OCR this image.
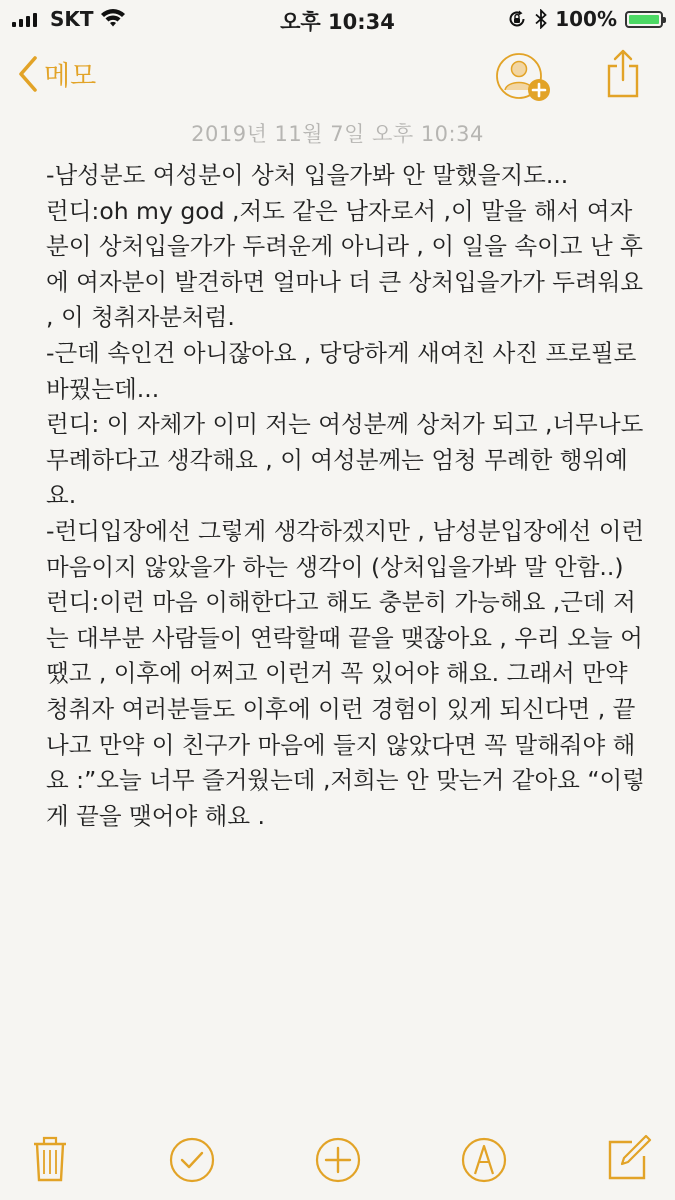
SKT	오후 10:34	100%
메모
2019년 11월 7일 오후 10:34

-남성분도 여성분이 상처 입을가봐 안 말했을지도...

런디:oh my god ,저도 같은 남자로서 ,이 말을 해서 여자분이 상처입을가가 두려운게 아니라 , 이 일을 속이고 난 후에 여자분이 발견하면 얼마나 더 큰 상처입을가가 두려워요 , 이 청취자분처럼.

-근데 속인건 아니잖아요 , 당당하게 새여친 사진 프로필로 바꿨는데...

런디: 이 자체가 이미 저는 여성분께 상처가 되고 ,너무나도 무례하다고 생각해요 , 이 여성분께는 엄청 무례한 행위예요.

-런디입장에선 그렇게 생각하겠지만 , 남성분입장에선 이런 마음이지 않았을가 하는 생각이 (상처입을가봐 말 안함..)

런디:이런 마음 이해한다고 해도 충분히 가능해요 ,근데 저는 대부분 사람들이 연락할때 끝을 맺잖아요 , 우리 오늘 어땠고 , 이후에 어쩌고 이런거 꼭 있어야 해요. 그래서 만약 청취자 여러분들도 이후에 이런 경험이 있게 되신다면 , 끝나고 만약 이 친구가 마음에 들지 않았다면 꼭 말해줘야 해요 :”오늘 너무 즐거웠는데 ,저희는 안 맞는거 같아요 “이렇게 끝을 맺어야 해요 .
